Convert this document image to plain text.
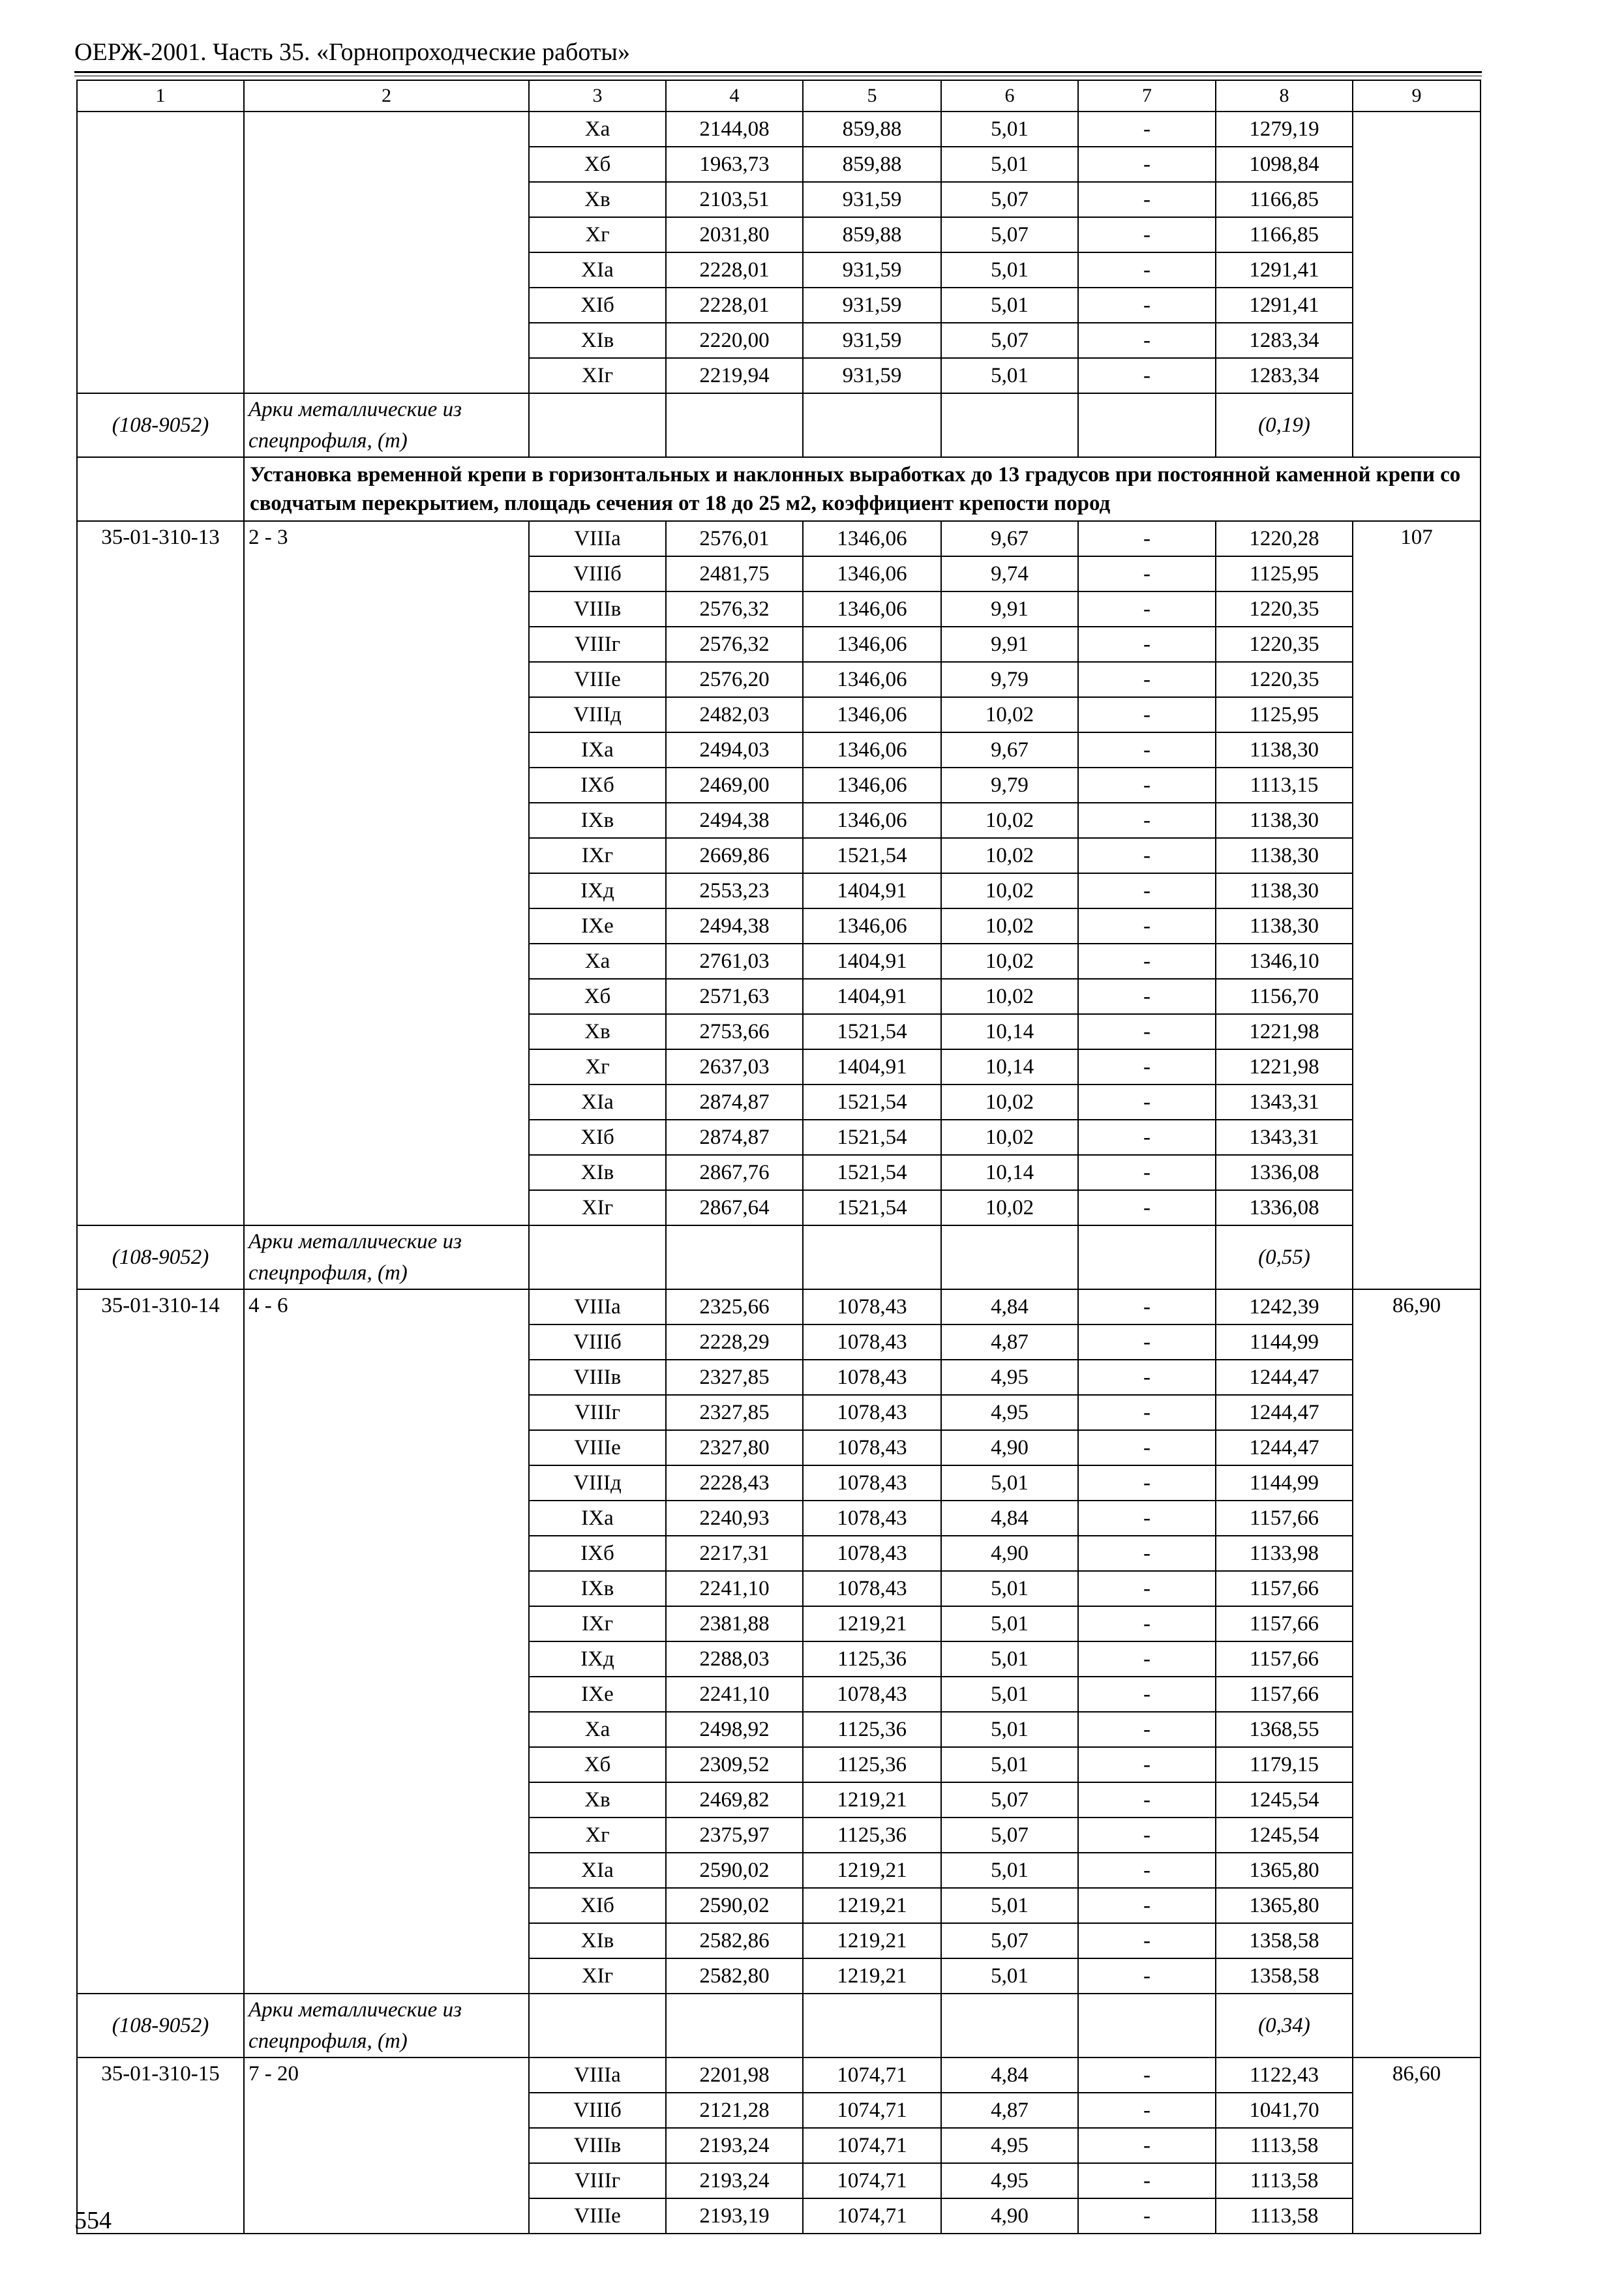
ОЕРЖ-2001. Часть 35. «Горнопроходческие работы»
1	2	3	4	5	6	7	8	9
		Xа	2144,08	859,88	5,01	-	1279,19	
		Xб	1963,73	859,88	5,01	-	1098,84	
		Xв	2103,51	931,59	5,07	-	1166,85	
		Xг	2031,80	859,88	5,07	-	1166,85	
		XIа	2228,01	931,59	5,01	-	1291,41	
		XIб	2228,01	931,59	5,01	-	1291,41	
		XIв	2220,00	931,59	5,07	-	1283,34	
		XIг	2219,94	931,59	5,01	-	1283,34	
(108-9052)	Арки металлические из спецпрофиля, (т)						(0,19)	
	Установка временной крепи в горизонтальных и наклонных выработках до 13 градусов при постоянной каменной крепи со сводчатым перекрытием, площадь сечения от 18 до 25 м2, коэффициент крепости пород							
35-01-310-13	2 - 3	VIIIа	2576,01	1346,06	9,67	-	1220,28	107
		VIIIб	2481,75	1346,06	9,74	-	1125,95	
		VIIIв	2576,32	1346,06	9,91	-	1220,35	
		VIIIг	2576,32	1346,06	9,91	-	1220,35	
		VIIIе	2576,20	1346,06	9,79	-	1220,35	
		VIIIд	2482,03	1346,06	10,02	-	1125,95	
		IXа	2494,03	1346,06	9,67	-	1138,30	
		IXб	2469,00	1346,06	9,79	-	1113,15	
		IXв	2494,38	1346,06	10,02	-	1138,30	
		IXг	2669,86	1521,54	10,02	-	1138,30	
		IXд	2553,23	1404,91	10,02	-	1138,30	
		IXе	2494,38	1346,06	10,02	-	1138,30	
		Xа	2761,03	1404,91	10,02	-	1346,10	
		Xб	2571,63	1404,91	10,02	-	1156,70	
		Xв	2753,66	1521,54	10,14	-	1221,98	
		Xг	2637,03	1404,91	10,14	-	1221,98	
		XIа	2874,87	1521,54	10,02	-	1343,31	
		XIб	2874,87	1521,54	10,02	-	1343,31	
		XIв	2867,76	1521,54	10,14	-	1336,08	
		XIг	2867,64	1521,54	10,02	-	1336,08	
(108-9052)	Арки металлические из спецпрофиля, (т)						(0,55)	
35-01-310-14	4 - 6	VIIIа	2325,66	1078,43	4,84	-	1242,39	86,90
		VIIIб	2228,29	1078,43	4,87	-	1144,99	
		VIIIв	2327,85	1078,43	4,95	-	1244,47	
		VIIIг	2327,85	1078,43	4,95	-	1244,47	
		VIIIе	2327,80	1078,43	4,90	-	1244,47	
		VIIIд	2228,43	1078,43	5,01	-	1144,99	
		IXа	2240,93	1078,43	4,84	-	1157,66	
		IXб	2217,31	1078,43	4,90	-	1133,98	
		IXв	2241,10	1078,43	5,01	-	1157,66	
		IXг	2381,88	1219,21	5,01	-	1157,66	
		IXд	2288,03	1125,36	5,01	-	1157,66	
		IXе	2241,10	1078,43	5,01	-	1157,66	
		Xа	2498,92	1125,36	5,01	-	1368,55	
		Xб	2309,52	1125,36	5,01	-	1179,15	
		Xв	2469,82	1219,21	5,07	-	1245,54	
		Xг	2375,97	1125,36	5,07	-	1245,54	
		XIа	2590,02	1219,21	5,01	-	1365,80	
		XIб	2590,02	1219,21	5,01	-	1365,80	
		XIв	2582,86	1219,21	5,07	-	1358,58	
		XIг	2582,80	1219,21	5,01	-	1358,58	
(108-9052)	Арки металлические из спецпрофиля, (т)						(0,34)	
35-01-310-15	7 - 20	VIIIа	2201,98	1074,71	4,84	-	1122,43	86,60
		VIIIб	2121,28	1074,71	4,87	-	1041,70	
		VIIIв	2193,24	1074,71	4,95	-	1113,58	
		VIIIг	2193,24	1074,71	4,95	-	1113,58	
		VIIIе	2193,19	1074,71	4,90	-	1113,58	
554
